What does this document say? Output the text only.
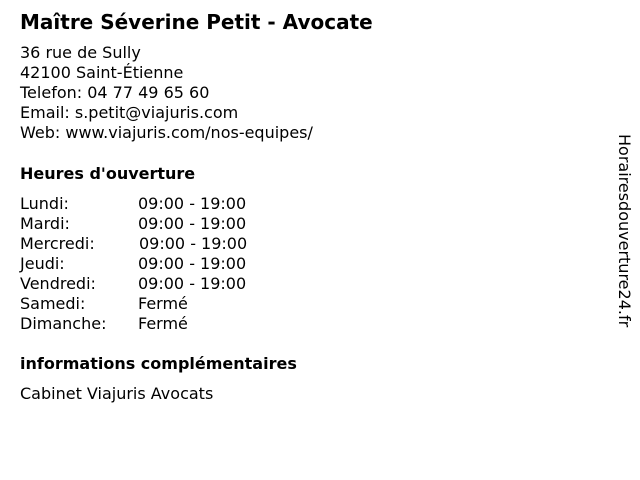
Maître Séverine Petit - Avocate
36 rue de Sully
42100 Saint-Étienne
Telefon: 04 77 49 65 60
Email: s.petit@viajuris.com
Web: www.viajuris.com/nos-equipes/
Heures d'ouverture
Lundi:	09:00 - 19:00
Mardi:	09:00 - 19:00
Mercredi:	09:00 - 19:00
Jeudi:	09:00 - 19:00
Vendredi:	09:00 - 19:00
Samedi:	Fermé
Dimanche: Fermé
informations complémentaires
Cabinet Viajuris Avocats
Horairesdouverture24.fr
